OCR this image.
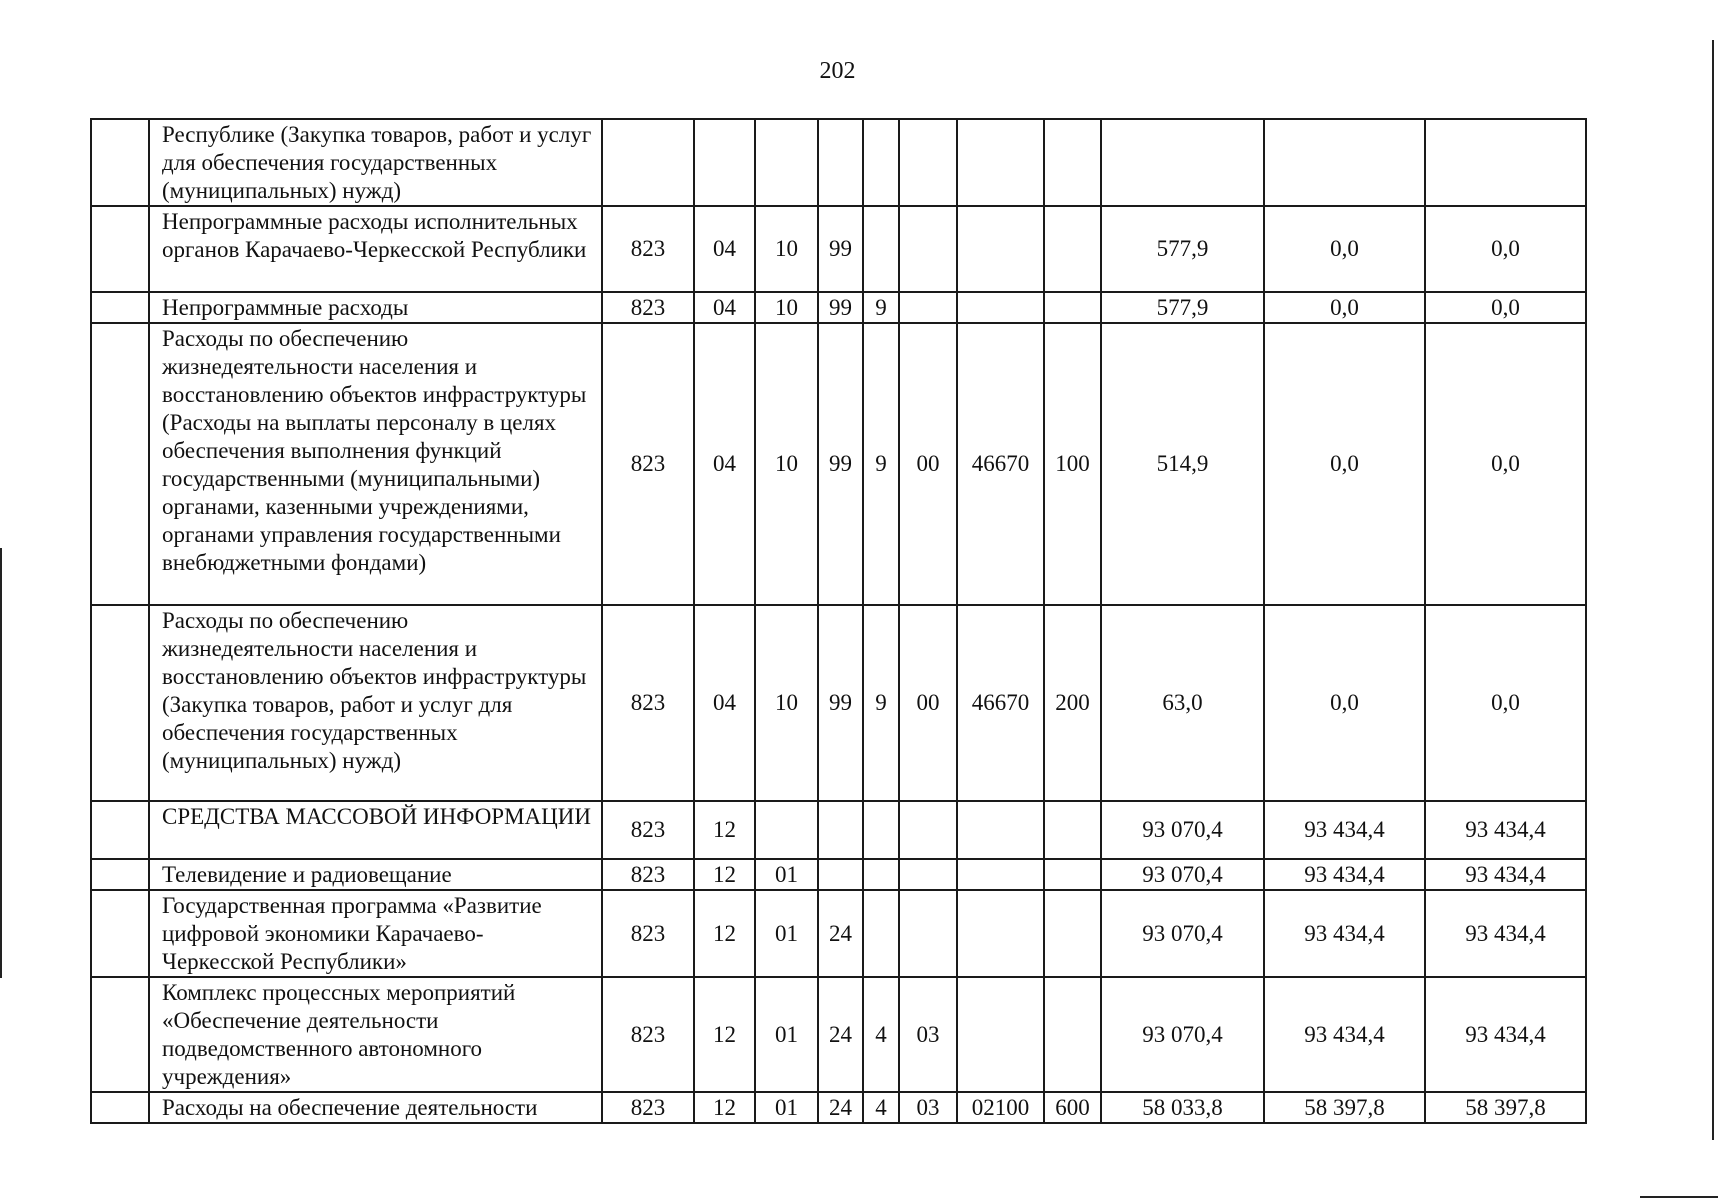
202
	Республике (Закупка товаров, работ и услуг для обеспечения государственных (муниципальных) нужд)											
	Непрограммные расходы исполнительных органов Карачаево-Черкесской Республики	823	04	10	99					577,9	0,0	0,0
	Непрограммные расходы	823	04	10	99	9				577,9	0,0	0,0
	Расходы по обеспечению жизнедеятельности населения и восстановлению объектов инфраструктуры (Расходы на выплаты персоналу в целях обеспечения выполнения функций государственными (муниципальными) органами, казенными учреждениями, органами управления государственными внебюджетными фондами)	823	04	10	99	9	00	46670	100	514,9	0,0	0,0
	Расходы по обеспечению жизнедеятельности населения и восстановлению объектов инфраструктуры (Закупка товаров, работ и услуг для обеспечения государственных (муниципальных) нужд)	823	04	10	99	9	00	46670	200	63,0	0,0	0,0
	СРЕДСТВА МАССОВОЙ ИНФОРМАЦИИ	823	12							93 070,4	93 434,4	93 434,4
	Телевидение и радиовещание	823	12	01						93 070,4	93 434,4	93 434,4
	Государственная программа «Развитие цифровой экономики Карачаево-Черкесской Республики»	823	12	01	24					93 070,4	93 434,4	93 434,4
	Комплекс процессных мероприятий «Обеспечение деятельности подведомственного автономного учреждения»	823	12	01	24	4	03			93 070,4	93 434,4	93 434,4
	Расходы на обеспечение деятельности	823	12	01	24	4	03	02100	600	58 033,8	58 397,8	58 397,8
